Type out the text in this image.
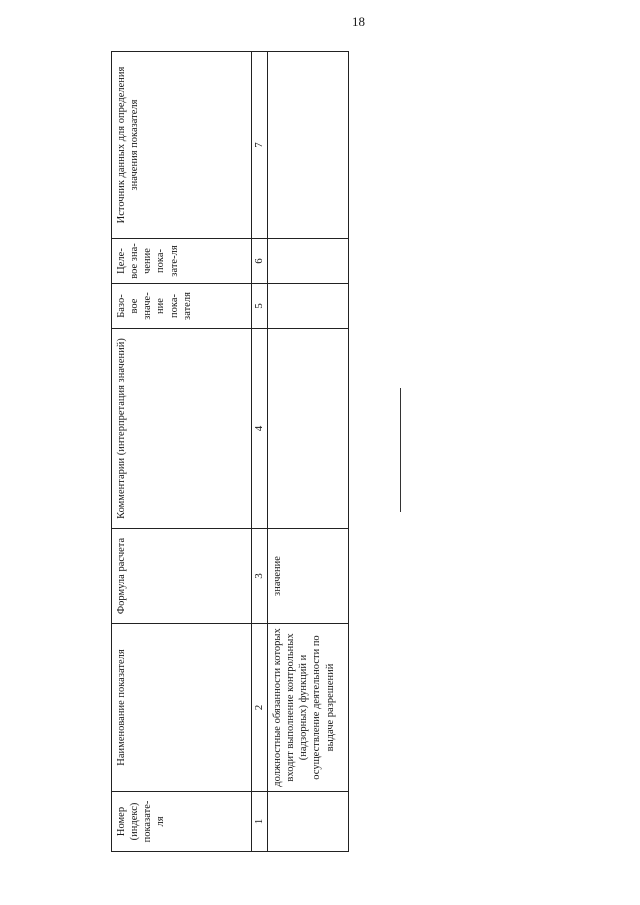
18
Номер (индекс) показате-ля	Наименование показателя	Формула расчета	Комментарии (интерпретация значений)	Базо-вое значе-ние пока-зателя	Целе-вое зна-чение пока-зате-ля	Источник данных для определения значения показателя
1	2	3	4	5	6	7
	должностные обязанности которых входит выполнение контрольных (надзорных) функций и осуществление деятельности по выдаче разрешений	значение				
